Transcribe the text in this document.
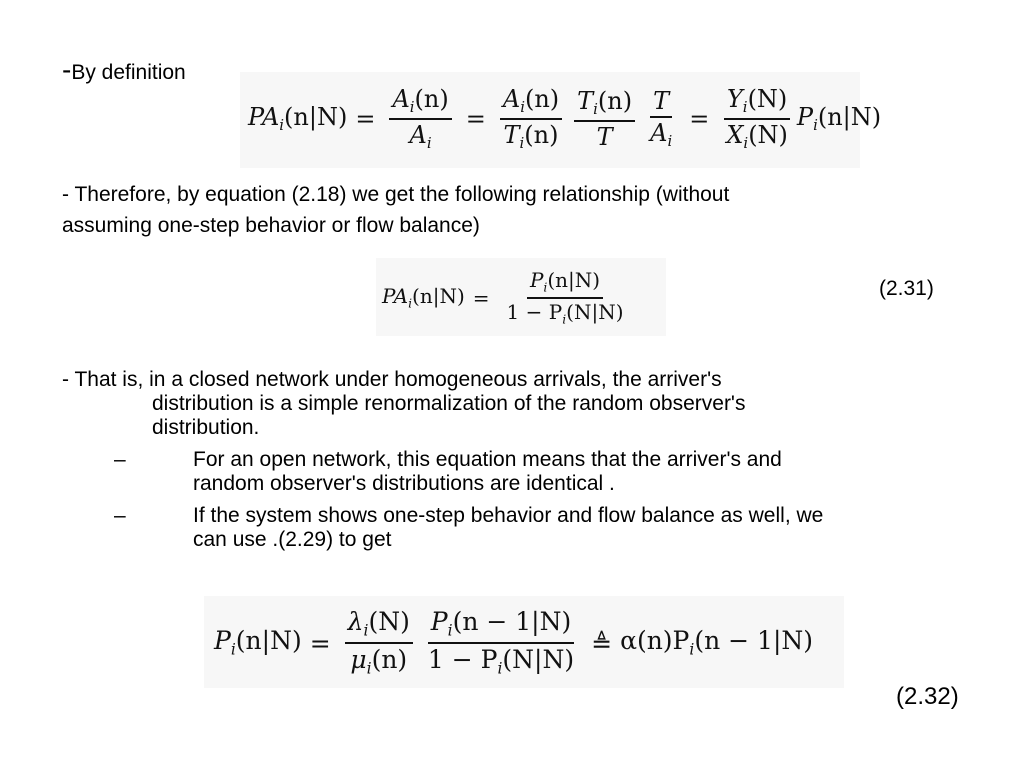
-By definition
$PA_i(n|N) = \frac{A_i(n)}{A_i} = \frac{A_i(n)}{T_i(n)} \frac{T_i(n)}{T} \frac{T}{A_i} = \frac{Y_i(N)}{X_i(N)} P_i(n|N)$
- Therefore, by equation (2.18) we get the following relationship (without
assuming one-step behavior or flow balance)
$PA_i(n|N) = \frac{P_i(n|N)}{1 - P_i(N|N)}$	(2.31)
- That is, in a closed network under homogeneous arrivals, the arriver's
distribution is a simple renormalization of the random observer's
distribution.
–	For an open network, this equation means that the arriver's and
random observer's distributions are identical .
–	If the system shows one-step behavior and flow balance as well, we
can use .(2.29) to get
$P_i(n|N) = \frac{\lambda_i(N)}{\mu_i(n)} \frac{P_i(n - 1|N)}{1 - P_i(N|N)}$ ≜ $\alpha(n)P_i(n - 1|N)$
(2.32)
